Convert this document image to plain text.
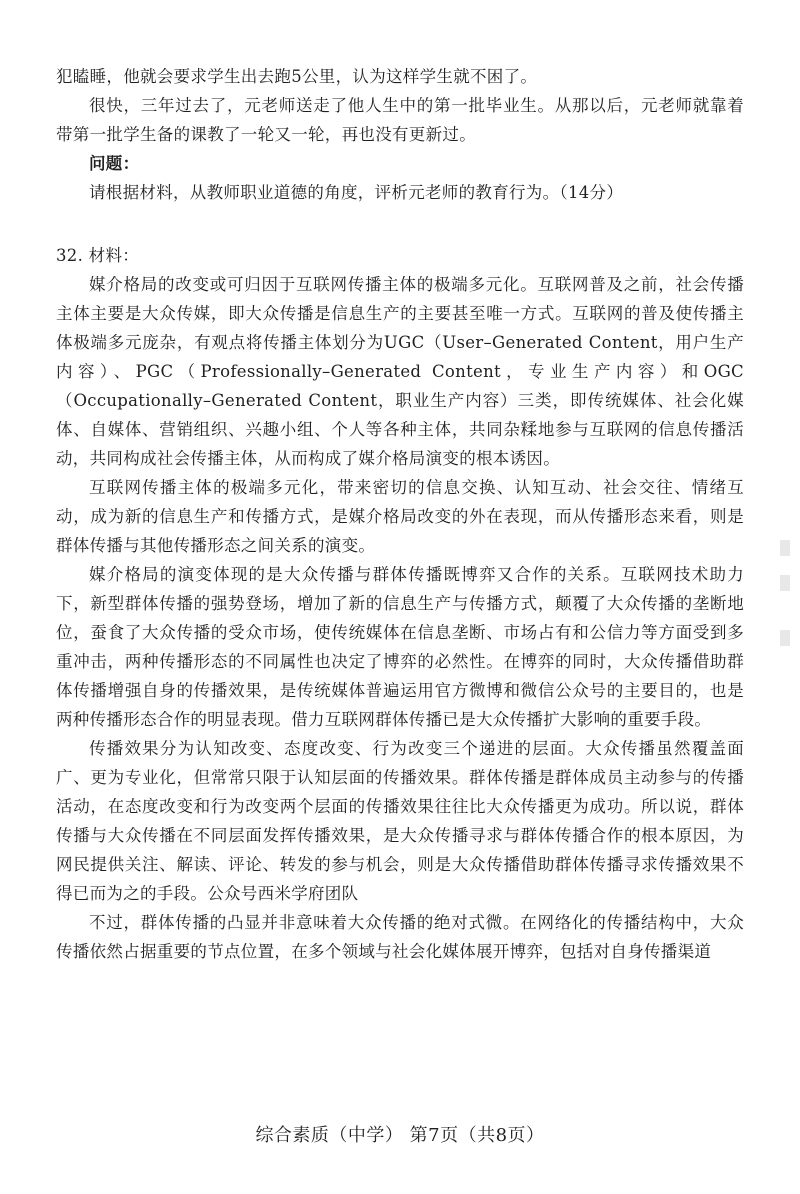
犯瞌睡，他就会要求学生出去跑5公里，认为这样学生就不困了。

很快，三年过去了，元老师送走了他人生中的第一批毕业生。从那以后，元老师就靠着带第一批学生备的课教了一轮又一轮，再也没有更新过。

问题：

请根据材料，从教师职业道德的角度，评析元老师的教育行为。（14分）

32. 材料：

媒介格局的改变或可归因于互联网传播主体的极端多元化。互联网普及之前，社会传播主体主要是大众传媒，即大众传播是信息生产的主要甚至唯一方式。互联网的普及使传播主体极端多元庞杂，有观点将传播主体划分为UGC（User–Generated Content，用户生产内容）、PGC（Professionally–Generated Content，专业生产内容）和OGC（Occupationally–Generated Content，职业生产内容）三类，即传统媒体、社会化媒体、自媒体、营销组织、兴趣小组、个人等各种主体，共同杂糅地参与互联网的信息传播活动，共同构成社会传播主体，从而构成了媒介格局演变的根本诱因。

互联网传播主体的极端多元化，带来密切的信息交换、认知互动、社会交往、情绪互动，成为新的信息生产和传播方式，是媒介格局改变的外在表现，而从传播形态来看，则是群体传播与其他传播形态之间关系的演变。

媒介格局的演变体现的是大众传播与群体传播既博弈又合作的关系。互联网技术助力下，新型群体传播的强势登场，增加了新的信息生产与传播方式，颠覆了大众传播的垄断地位，蚕食了大众传播的受众市场，使传统媒体在信息垄断、市场占有和公信力等方面受到多重冲击，两种传播形态的不同属性也决定了博弈的必然性。在博弈的同时，大众传播借助群体传播增强自身的传播效果，是传统媒体普遍运用官方微博和微信公众号的主要目的，也是两种传播形态合作的明显表现。借力互联网群体传播已是大众传播扩大影响的重要手段。

传播效果分为认知改变、态度改变、行为改变三个递进的层面。大众传播虽然覆盖面广、更为专业化，但常常只限于认知层面的传播效果。群体传播是群体成员主动参与的传播活动，在态度改变和行为改变两个层面的传播效果往往比大众传播更为成功。所以说，群体传播与大众传播在不同层面发挥传播效果，是大众传播寻求与群体传播合作的根本原因，为网民提供关注、解读、评论、转发的参与机会，则是大众传播借助群体传播寻求传播效果不得已而为之的手段。公众号西米学府团队

不过，群体传播的凸显并非意味着大众传播的绝对式微。在网络化的传播结构中，大众传播依然占据重要的节点位置，在多个领域与社会化媒体展开博弈，包括对自身传播渠道

综合素质（中学） 第7页（共8页）
